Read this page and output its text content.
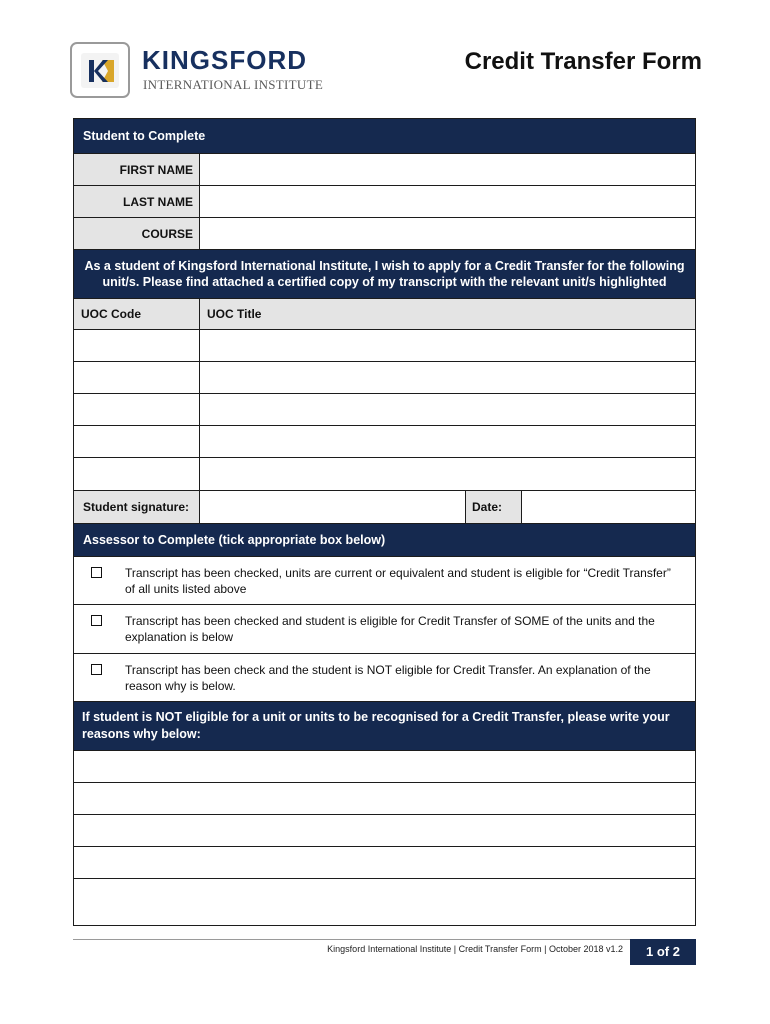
KINGSFORD
INTERNATIONAL INSTITUTE
Credit Transfer Form
Student to Complete
FIRST NAME
LAST NAME
COURSE
As a student of Kingsford International Institute, I wish to apply for a Credit Transfer for the following unit/s. Please find attached a certified copy of my transcript with the relevant unit/s highlighted
UOC Code	UOC Title
Student signature:	Date:
Assessor to Complete (tick appropriate box below)
Transcript has been checked, units are current or equivalent and student is eligible for “Credit Transfer” of all units listed above
Transcript has been checked and student is eligible for Credit Transfer of SOME of the units and the explanation is below
Transcript has been check and the student is NOT eligible for Credit Transfer. An explanation of the reason why is below.
If student is NOT eligible for a unit or units to be recognised for a Credit Transfer, please write your reasons why below:
Kingsford International Institute | Credit Transfer Form | October 2018 v1.2	1 of 2
